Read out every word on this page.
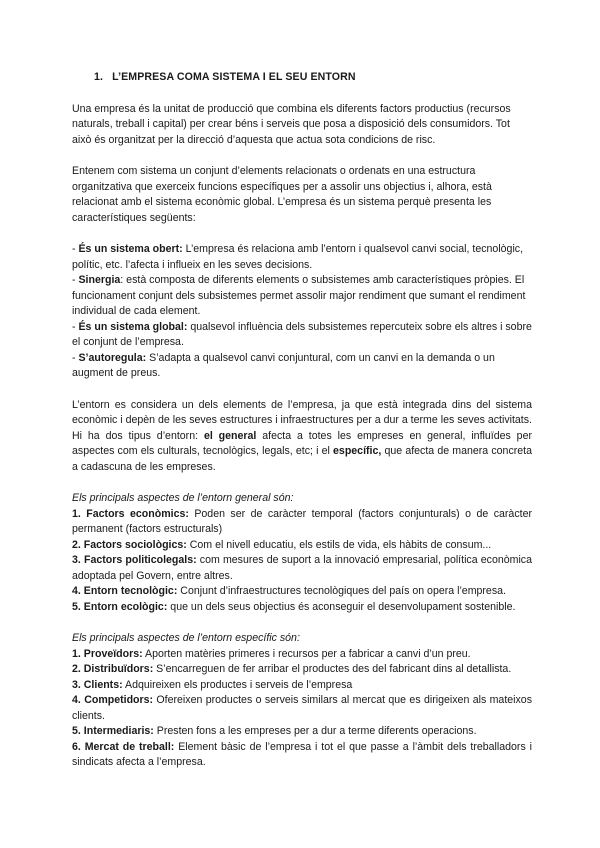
1. L’EMPRESA COMA SISTEMA I EL SEU ENTORN

Una empresa és la unitat de producció que combina els diferents factors productius (recursos naturals, treball i capital) per crear béns i serveis que posa a disposició dels consumidors. Tot això és organitzat per la direcció d’aquesta que actua sota condicions de risc.

Entenem com sistema un conjunt d’elements relacionats o ordenats en una estructura organitzativa que exerceix funcions específiques per a assolir uns objectius i, alhora, està relacionat amb el sistema econòmic global. L’empresa és un sistema perquè presenta les característiques següents:

- És un sistema obert: L’empresa és relaciona amb l’entorn i qualsevol canvi social, tecnològic, polític, etc. l’afecta i influeix en les seves decisions.
- Sinergia: està composta de diferents elements o subsistemes amb característiques pròpies. El funcionament conjunt dels subsistemes permet assolir major rendiment que sumant el rendiment individual de cada element.
- És un sistema global: qualsevol influència dels subsistemes repercuteix sobre els altres i sobre el conjunt de l’empresa.
- S’autoregula: S’adapta a qualsevol canvi conjuntural, com un canvi en la demanda o un augment de preus.

L’entorn es considera un dels elements de l’empresa, ja que està integrada dins del sistema econòmic i depèn de les seves estructures i infraestructures per a dur a terme les seves activitats. Hi ha dos tipus d’entorn: el general afecta a totes les empreses en general, influïdes per aspectes com els culturals, tecnològics, legals, etc; i el específic, que afecta de manera concreta a cadascuna de les empreses.

Els principals aspectes de l’entorn general són:
1. Factors econòmics: Poden ser de caràcter temporal (factors conjunturals) o de caràcter permanent (factors estructurals)
2. Factors sociològics: Com el nivell educatiu, els estils de vida, els hàbits de consum...
3. Factors politicolegals: com mesures de suport a la innovació empresarial, política econòmica adoptada pel Govern, entre altres.
4. Entorn tecnològic: Conjunt d’infraestructures tecnològiques del país on opera l’empresa.
5. Entorn ecològic: que un dels seus objectius és aconseguir el desenvolupament sostenible.
Els principals aspectes de l’entorn específic són:
1. Proveïdors: Aporten matèries primeres i recursos per a fabricar a canvi d’un preu.
2. Distribuïdors: S’encarreguen de fer arribar el productes des del fabricant dins al detallista.
3. Clients: Adquireixen els productes i serveis de l’empresa
4. Competidors: Ofereixen productes o serveis similars al mercat que es dirigeixen als mateixos clients.
5. Intermediaris: Presten fons a les empreses per a dur a terme diferents operacions.
6. Mercat de treball: Element bàsic de l’empresa i tot el que passe a l’àmbit dels treballadors i sindicats afecta a l’empresa.
